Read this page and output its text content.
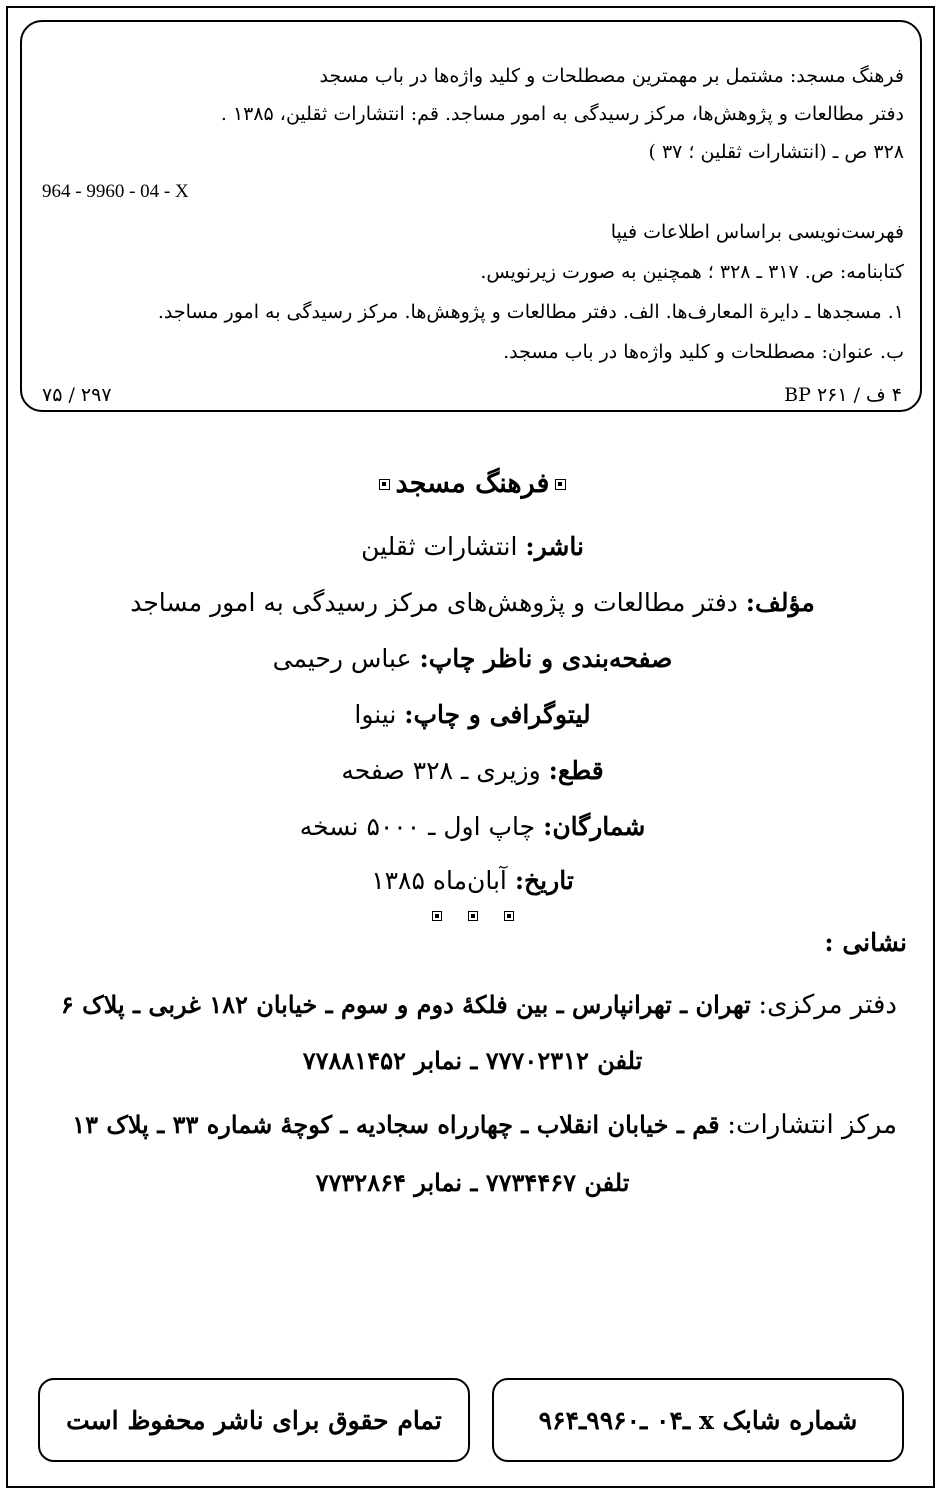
فرهنگ مسجد: مشتمل بر مهمترین مصطلحات و کلید واژه‌ها در باب مسجد
دفتر مطالعات و پژوهش‌ها، مرکز رسیدگی به امور مساجد. قم: انتشارات ثقلین، ۱۳۸۵ .
۳۲۸ ص ـ (انتشارات ثقلین ؛ ۳۷ )
964 - 9960 - 04 - X
فهرست‌نویسی براساس اطلاعات فیپا
کتابنامه: ص. ۳۱۷ ـ ۳۲۸ ؛ همچنین به صورت زیرنویس.
۱. مسجدها ـ دایرة المعارف‌ها. الف. دفتر مطالعات و پژوهش‌ها. مرکز رسیدگی به امور مساجد.
ب. عنوان: مصطلحات و کلید واژه‌ها در باب مسجد.
۴ ف / ۲۶۱ BP
۲۹۷ / ۷۵
فرهنگ مسجد
ناشر: انتشارات ثقلین
مؤلف: دفتر مطالعات و پژوهش‌های مرکز رسیدگی به امور مساجد
صفحه‌بندی و ناظر چاپ: عباس رحیمی
لیتوگرافی و چاپ: نینوا
قطع: وزیری ـ ۳۲۸ صفحه
شمارگان: چاپ اول ـ ۵۰۰۰ نسخه
تاریخ: آبان‌ماه ۱۳۸۵
نشانی :
دفتر مرکزی: تهران ـ تهرانپارس ـ بین فلکۀ دوم و سوم ـ خیابان ۱۸۲ غربی ـ پلاک ۶
تلفن ۷۷۷۰۲۳۱۲ ـ نمابر ۷۷۸۸۱۴۵۲
مرکز انتشارات: قم ـ خیابان انقلاب ـ چهارراه سجادیه ـ کوچۀ شماره ۳۳ ـ پلاک ۱۳
تلفن ۷۷۳۴۴۶۷ ـ نمابر ۷۷۳۲۸۶۴
تمام حقوق برای ناشر محفوظ است	شماره شابک x ـ۰۴ ـ۹۹۶۰ـ۹۶۴
